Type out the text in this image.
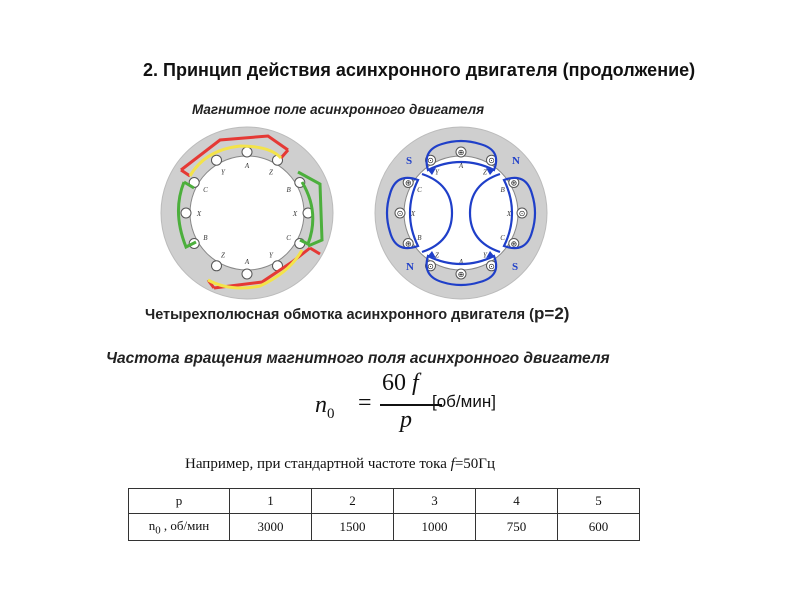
2. Принцип действия асинхронного двигателя (продолжение)
Магнитное поле асинхронного двигателя
A
Z
B
X
C
Y
A
Z
B
X
C
Y
⊕
A
⊙
Z
⊕
B
⊙
X
⊕
C
⊙
Y
⊕
A
⊙
Z
⊕
B
⊙ X
⊕
C
⊙
Y
S	N
N	S
Четырехполюсная обмотка асинхронного двигателя (p=2)
Частота вращения магнитного поля асинхронного двигателя
$n_0$ =
60 f
p
[об/мин]
Например, при стандартной частоте тока f=50Гц
p	1	2	3	4	5
$n_0$ , об/мин	3000	1500	1000	750	600
